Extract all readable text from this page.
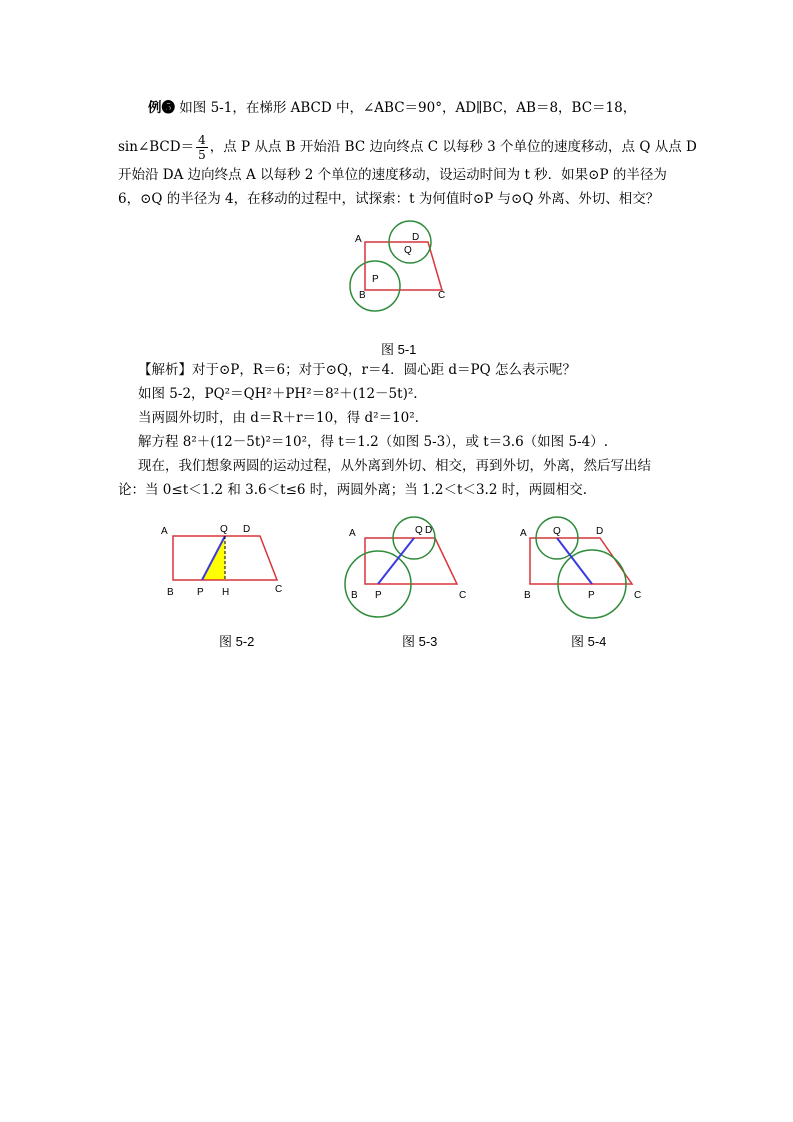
例❺ 如图 5-1，在梯形 ABCD 中，∠ABC＝90°，AD∥BC，AB＝8，BC＝18，
sin∠BCD＝ $\frac{4}{5}$ ，点 P 从点 B 开始沿 BC 边向终点 C 以每秒 3 个单位的速度移动，点 Q 从点 D
开始沿 DA 边向终点 A 以每秒 2 个单位的速度移动，设运动时间为 t 秒．如果⊙P 的半径为
6，⊙Q 的半径为 4，在移动的过程中，试探索：t 为何值时⊙P 与⊙Q 外离、外切、相交？
A	D
Q
P
B	C
图 5-1
【解析】对于⊙P，R＝6；对于⊙Q，r＝4．圆心距 d＝PQ 怎么表示呢？
如图 5-2，PQ²＝QH²＋PH²＝8²＋(12－5t)².
当两圆外切时，由 d＝R＋r＝10，得 d²＝10².
解方程 8²＋(12－5t)²＝10²，得 t＝1.2（如图 5-3），或 t＝3.6（如图 5-4）.
现在，我们想象两圆的运动过程，从外离到外切、相交，再到外切，外离，然后写出结
论：当 0≤t＜1.2 和 3.6＜t≤6 时，两圆外离；当 1.2＜t＜3.2 时，两圆相交.
A	Q D
B P H	C
图 5-2
A	Q D
B P	C
图 5-3
A	Q	D
B	P	C
图 5-4
